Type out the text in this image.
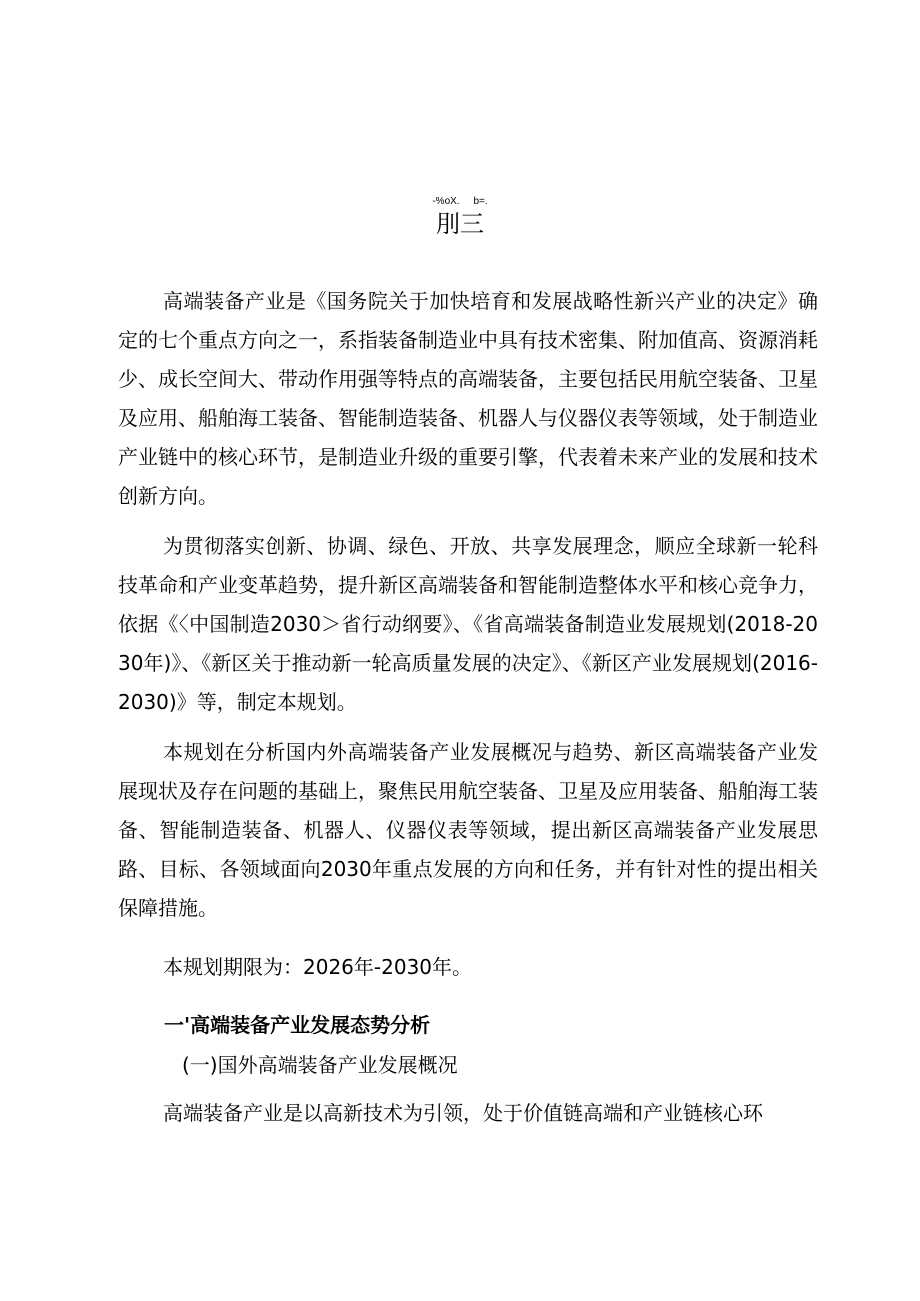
-%oX.     b=.
刖三

高端装备产业是《国务院关于加快培育和发展战略性新兴产业的决定》确定的七个重点方向之一，系指装备制造业中具有技术密集、附加值高、资源消耗少、成长空间大、带动作用强等特点的高端装备，主要包括民用航空装备、卫星及应用、船舶海工装备、智能制造装备、机器人与仪器仪表等领域，处于制造业产业链中的核心环节，是制造业升级的重要引擎，代表着未来产业的发展和技术创新方向。

为贯彻落实创新、协调、绿色、开放、共享发展理念，顺应全球新一轮科技革命和产业变革趋势，提升新区高端装备和智能制造整体水平和核心竞争力，依据《〈中国制造2030＞省行动纲要》、《省高端装备制造业发展规划(2018-2030年)》、《新区关于推动新一轮高质量发展的决定》、《新区产业发展规划(2016-2030)》等，制定本规划。

本规划在分析国内外高端装备产业发展概况与趋势、新区高端装备产业发展现状及存在问题的基础上，聚焦民用航空装备、卫星及应用装备、船舶海工装备、智能制造装备、机器人、仪器仪表等领域，提出新区高端装备产业发展思路、目标、各领域面向2030年重点发展的方向和任务，并有针对性的提出相关保障措施。

本规划期限为：2026年-2030年。

一'高端装备产业发展态势分析
(一)国外高端装备产业发展概况

高端装备产业是以高新技术为引领，处于价值链高端和产业链核心环
